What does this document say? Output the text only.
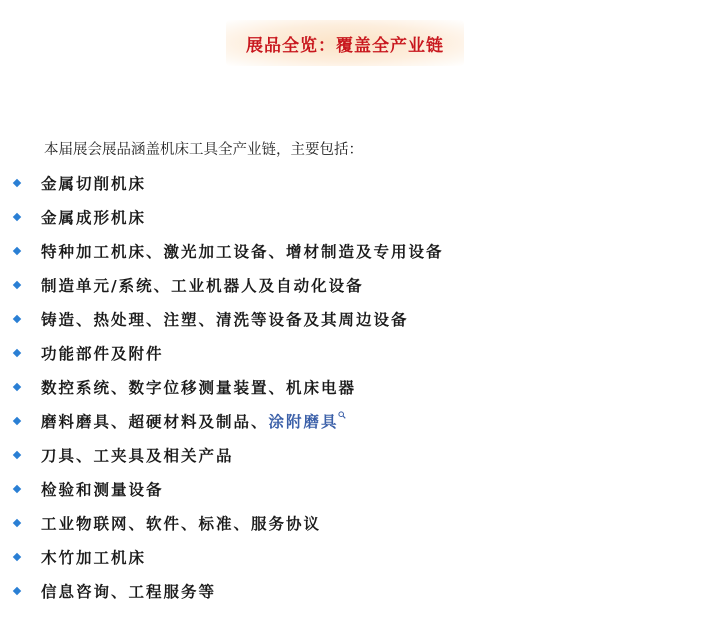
展品全览：覆盖全产业链
本届展会展品涵盖机床工具全产业链，主要包括：
金属切削机床
金属成形机床
特种加工机床、激光加工设备、增材制造及专用设备
制造单元/系统、工业机器人及自动化设备
铸造、热处理、注塑、清洗等设备及其周边设备
功能部件及附件
数控系统、数字位移测量装置、机床电器
磨料磨具、超硬材料及制品、涂附磨具
刀具、工夹具及相关产品
检验和测量设备
工业物联网、软件、标准、服务协议
木竹加工机床
信息咨询、工程服务等
